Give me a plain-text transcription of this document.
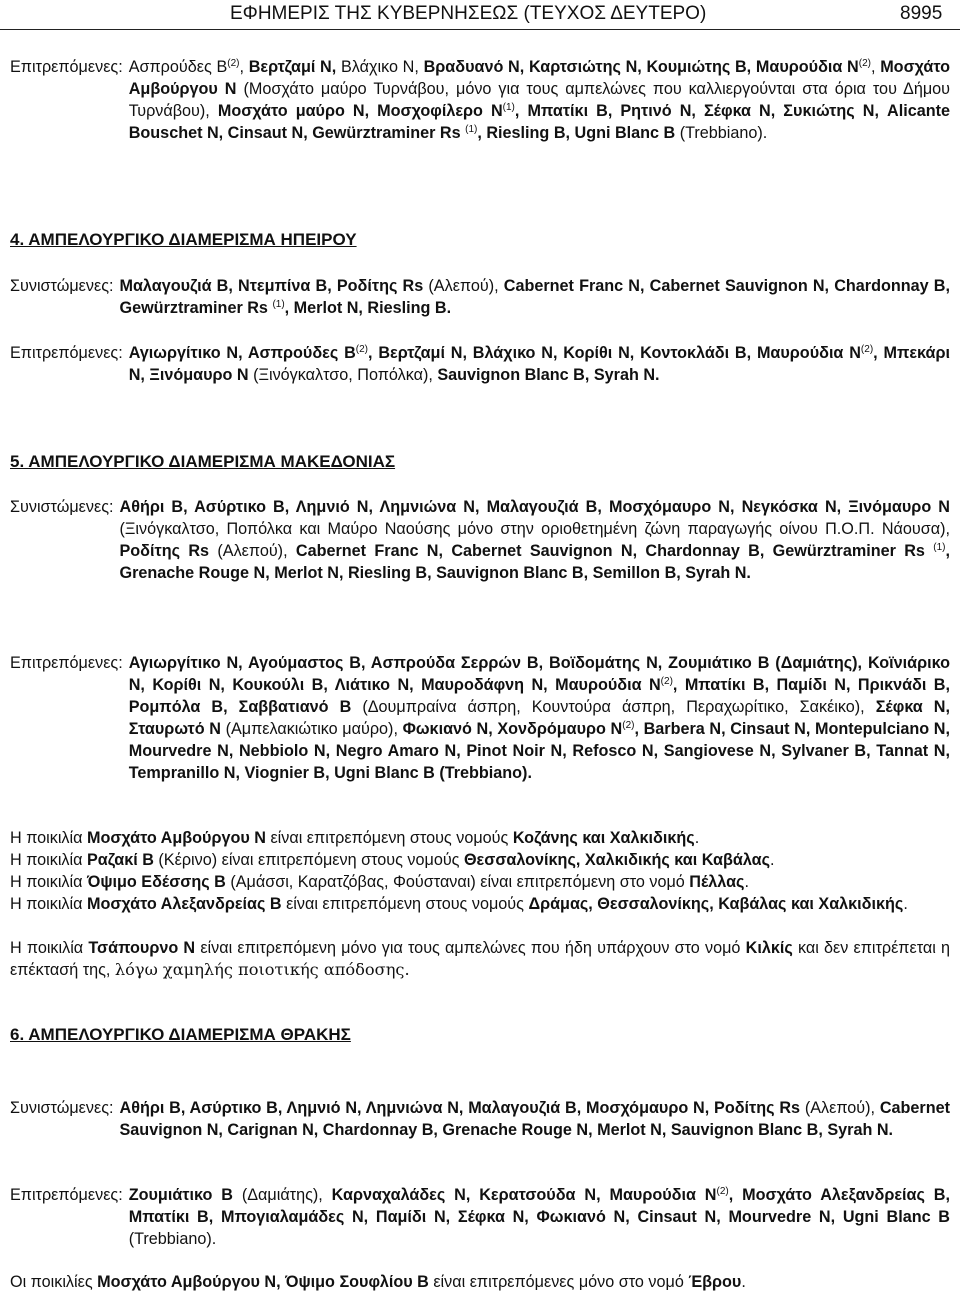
ΕΦΗΜΕΡΙΣ ΤΗΣ ΚΥΒΕΡΝΗΣΕΩΣ (ΤΕΥΧΟΣ ΔΕΥΤΕΡΟ)	8995
Επιτρεπόμενες: Ασπρούδες $B^{(2)}$, Βερτζαμί Ν, Βλάχικο Ν, Βραδυανό Ν, Καρτσιώτης Ν, Κουμιώτης Β, Μαυρούδια $N^{(2)}$, Μοσχάτο Αμβούργου Ν (Μοσχάτο μαύρο Τυρνάβου, μόνο για τους αμπελώνες που καλλιεργούνται στα όρια του Δήμου Τυρνάβου), Μοσχάτο μαύρο Ν, Μοσχοφίλερο $N^{(1)}$, Μπατίκι Β, Ρητινό Ν, Σέφκα Ν, Συκιώτης Ν, Alicante Bouschet N, Cinsaut N, Gewürztraminer Rs $^{(1)}$, Riesling B, Ugni Blanc B (Trebbiano).
4. ΑΜΠΕΛΟΥΡΓΙΚΟ ΔΙΑΜΕΡΙΣΜΑ ΗΠΕΙΡΟΥ
Συνιστώμενες: Μαλαγουζιά Β, Ντεμπίνα Β, Ροδίτης Rs (Αλεπού), Cabernet Franc N, Cabernet Sauvignon N, Chardonnay B, Gewürztraminer Rs $^{(1)}$, Merlot N, Riesling B.
Επιτρεπόμενες: Αγιωργίτικο Ν, Ασπρούδες $B^{(2)}$, Βερτζαμί Ν, Βλάχικο Ν, Κορίθι Ν, Κοντοκλάδι Β, Μαυρούδια $N^{(2)}$, Μπεκάρι Ν, Ξινόμαυρο Ν (Ξινόγκαλτσο, Ποπόλκα), Sauvignon Blanc B, Syrah N.
5. ΑΜΠΕΛΟΥΡΓΙΚΟ ΔΙΑΜΕΡΙΣΜΑ ΜΑΚΕΔΟΝΙΑΣ
Συνιστώμενες: Αθήρι Β, Ασύρτικο Β, Λημνιό Ν, Λημνιώνα Ν, Μαλαγουζιά Β, Μοσχόμαυρο Ν, Νεγκόσκα Ν, Ξινόμαυρο Ν (Ξινόγκαλτσο, Ποπόλκα και Μαύρο Ναούσης μόνο στην οριοθετημένη ζώνη παραγωγής οίνου Π.Ο.Π. Νάουσα), Ροδίτης Rs (Αλεπού), Cabernet Franc N, Cabernet Sauvignon N, Chardonnay B, Gewürztraminer Rs $^{(1)}$, Grenache Rouge N, Merlot N, Riesling B, Sauvignon Blanc B, Semillon B, Syrah N.
Επιτρεπόμενες: Αγιωργίτικο Ν, Αγούμαστος Β, Ασπρούδα Σερρών Β, Βοϊδομάτης Ν, Ζουμιάτικο Β (Δαμιάτης), Κοϊνιάρικο Ν, Κορίθι Ν, Κουκούλι Β, Λιάτικο Ν, Μαυροδάφνη Ν, Μαυρούδια $N^{(2)}$, Μπατίκι Β, Παμίδι Ν, Πρικνάδι Β, Ρομπόλα Β, Σαββατιανό Β (Δουμπραίνα άσπρη, Κουντούρα άσπρη, Περαχωρίτικο, Σακέικο), Σέφκα Ν, Σταυρωτό Ν (Αμπελακιώτικο μαύρο), Φωκιανό Ν, Χονδρόμαυρο $N^{(2)}$, Barbera N, Cinsaut N, Montepulciano N, Mourvedre N, Nebbiolo N, Negro Amaro N, Pinot Noir N, Refosco N, Sangiovese N, Sylvaner B, Tannat N, Tempranillo N, Viognier B, Ugni Blanc B (Trebbiano).
Η ποικιλία Μοσχάτο Αμβούργου Ν είναι επιτρεπόμενη στους νομούς Κοζάνης και Χαλκιδικής.
Η ποικιλία Ραζακί Β (Κέρινο) είναι επιτρεπόμενη στους νομούς Θεσσαλονίκης, Χαλκιδικής και Καβάλας.
Η ποικιλία Όψιμο Εδέσσης Β (Αμάσσι, Καρατζόβας, Φούσταναι) είναι επιτρεπόμενη στο νομό Πέλλας.
Η ποικιλία Μοσχάτο Αλεξανδρείας Β είναι επιτρεπόμενη στους νομούς Δράμας, Θεσσαλονίκης, Καβάλας και Χαλκιδικής.
Η ποικιλία Τσάπουρνο Ν είναι επιτρεπόμενη μόνο για τους αμπελώνες που ήδη υπάρχουν στο νομό Κιλκίς και δεν επιτρέπεται η επέκτασή της, λόγω χαμηλής ποιοτικής απόδοσης.
6. ΑΜΠΕΛΟΥΡΓΙΚΟ ΔΙΑΜΕΡΙΣΜΑ ΘΡΑΚΗΣ
Συνιστώμενες: Αθήρι Β, Ασύρτικο Β, Λημνιό Ν, Λημνιώνα Ν, Μαλαγουζιά Β, Μοσχόμαυρο Ν, Ροδίτης Rs (Αλεπού), Cabernet Sauvignon N, Carignan N, Chardonnay B, Grenache Rouge N, Merlot N, Sauvignon Blanc B, Syrah N.
Επιτρεπόμενες: Ζουμιάτικο Β (Δαμιάτης), Καρναχαλάδες Ν, Κερατσούδα Ν, Μαυρούδια $N^{(2)}$, Μοσχάτο Αλεξανδρείας Β, Μπατίκι Β, Μπογιαλαμάδες Ν, Παμίδι Ν, Σέφκα Ν, Φωκιανό Ν, Cinsaut N, Mourvedre N, Ugni Blanc B (Trebbiano).
Οι ποικιλίες Μοσχάτο Αμβούργου Ν, Όψιμο Σουφλίου Β είναι επιτρεπόμενες μόνο στο νομό Έβρου.
